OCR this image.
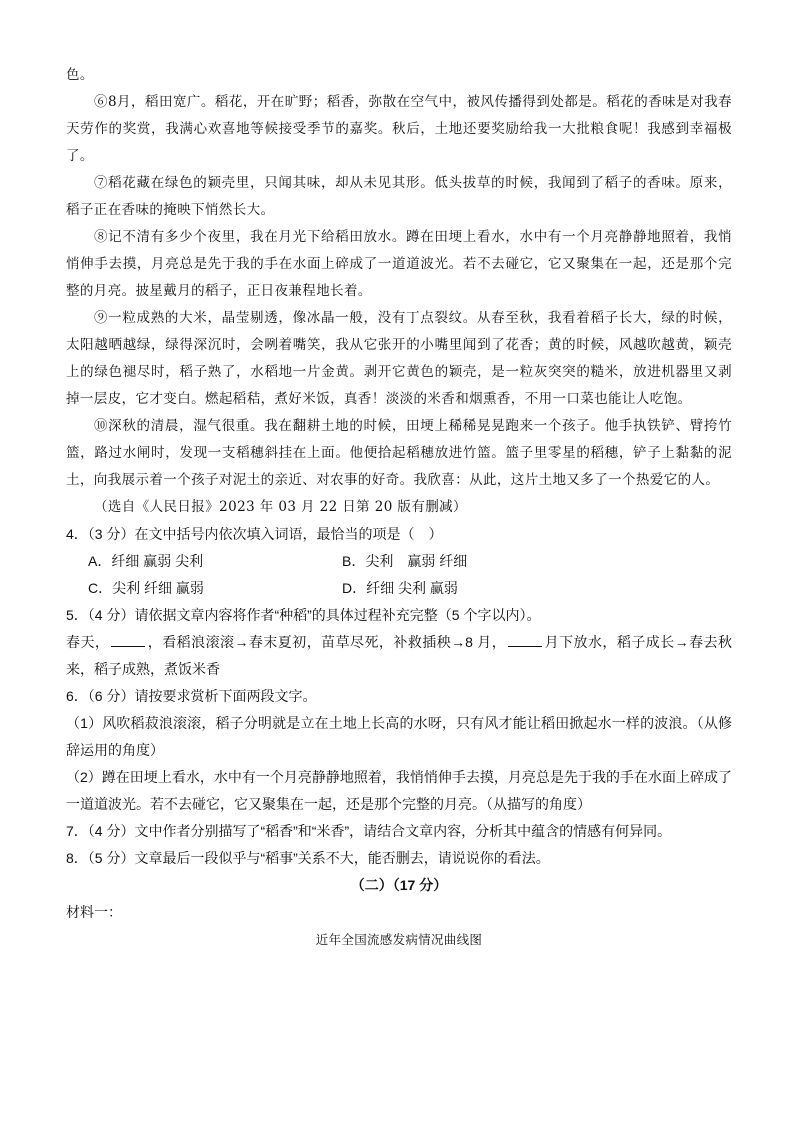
色。

⑥8月，稻田宽广。稻花，开在旷野；稻香，弥散在空气中，被风传播得到处都是。稻花的香味是对我春天劳作的奖赏，我满心欢喜地等候接受季节的嘉奖。秋后，土地还要奖励给我一大批粮食呢！我感到幸福极了。

⑦稻花藏在绿色的颖壳里，只闻其味，却从未见其形。低头拔草的时候，我闻到了稻子的香味。原来，稻子正在香味的掩映下悄然长大。

⑧记不清有多少个夜里，我在月光下给稻田放水。蹲在田埂上看水，水中有一个月亮静静地照着，我悄悄伸手去摸，月亮总是先于我的手在水面上碎成了一道道波光。若不去碰它，它又聚集在一起，还是那个完整的月亮。披星戴月的稻子，正日夜兼程地长着。

⑨一粒成熟的大米，晶莹剔透，像冰晶一般，没有丁点裂纹。从春至秋，我看着稻子长大，绿的时候，太阳越晒越绿，绿得深沉时，会咧着嘴笑，我从它张开的小嘴里闻到了花香；黄的时候，风越吹越黄，颖壳上的绿色褪尽时，稻子熟了，水稻地一片金黄。剥开它黄色的颖壳，是一粒灰突突的糙米，放进机器里又剥掉一层皮，它才变白。燃起稻秸，煮好米饭，真香！淡淡的米香和烟熏香，不用一口菜也能让人吃饱。

⑩深秋的清晨，湿气很重。我在翻耕土地的时候，田埂上稀稀晃晃跑来一个孩子。他手执铁铲、臂挎竹篮，路过水闸时，发现一支稻穗斜挂在上面。他便拾起稻穗放进竹篮。篮子里零星的稻穗，铲子上黏黏的泥土，向我展示着一个孩子对泥土的亲近、对农事的好奇。我欣喜：从此，这片土地又多了一个热爱它的人。

（选自《人民日报》2023 年 03 月 22 日第 20 版有删减）

4．（3 分）在文中括号内依次填入词语，最恰当的项是（　）

A．纤细 赢弱 尖利	B．尖利　赢弱 纤细
C．尖利 纤细 赢弱	D．纤细 尖利 赢弱

5．（4 分）请依据文章内容将作者“种稻”的具体过程补充完整（5 个字以内）。

春天，	，看稻浪滚滚→春末夏初，苗草尽死，补救插秧→8 月，	月下放水，稻子成长→春去秋来，稻子成熟，煮饭米香

6．（6 分）请按要求赏析下面两段文字。

（1）风吹稻菽浪滚滚，稻子分明就是立在土地上长高的水呀，只有风才能让稻田掀起水一样的波浪。（从修辞运用的角度）

（2）蹲在田埂上看水，水中有一个月亮静静地照着，我悄悄伸手去摸，月亮总是先于我的手在水面上碎成了一道道波光。若不去碰它，它又聚集在一起，还是那个完整的月亮。（从描写的角度）

7．（4 分）文中作者分别描写了“稻香”和“米香”，请结合文章内容，分析其中蕴含的情感有何异同。

8．（5 分）文章最后一段似乎与“稻事”关系不大，能否删去，请说说你的看法。

（二）（17 分）

材料一：

近年全国流感发病情况曲线图
